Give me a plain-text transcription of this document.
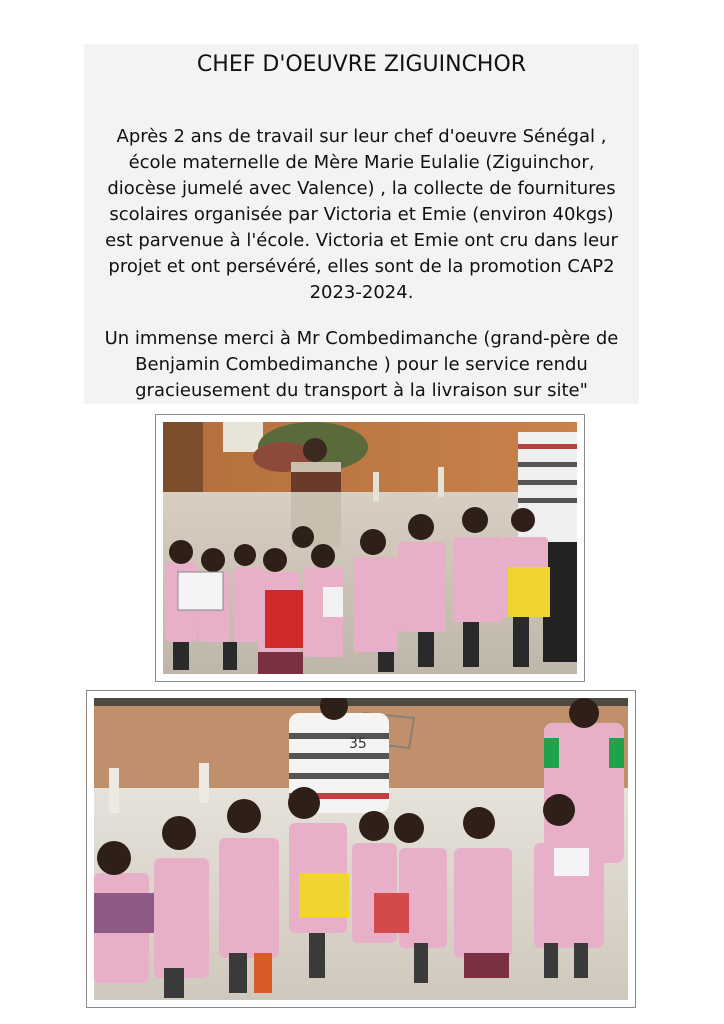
CHEF D'OEUVRE ZIGUINCHOR
Après 2 ans de travail sur leur chef d'oeuvre Sénégal ,
école maternelle de Mère Marie Eulalie (Ziguinchor,
diocèse jumelé avec Valence) , la collecte de fournitures
scolaires organisée par Victoria et Emie (environ 40kgs)
est parvenue à l'école. Victoria et Emie ont cru dans leur
projet et ont persévéré, elles sont de la promotion CAP2
2023-2024.
Un immense merci à Mr Combedimanche (grand-père de
Benjamin Combedimanche ) pour le service rendu
gracieusement du transport à la livraison sur site"
35
